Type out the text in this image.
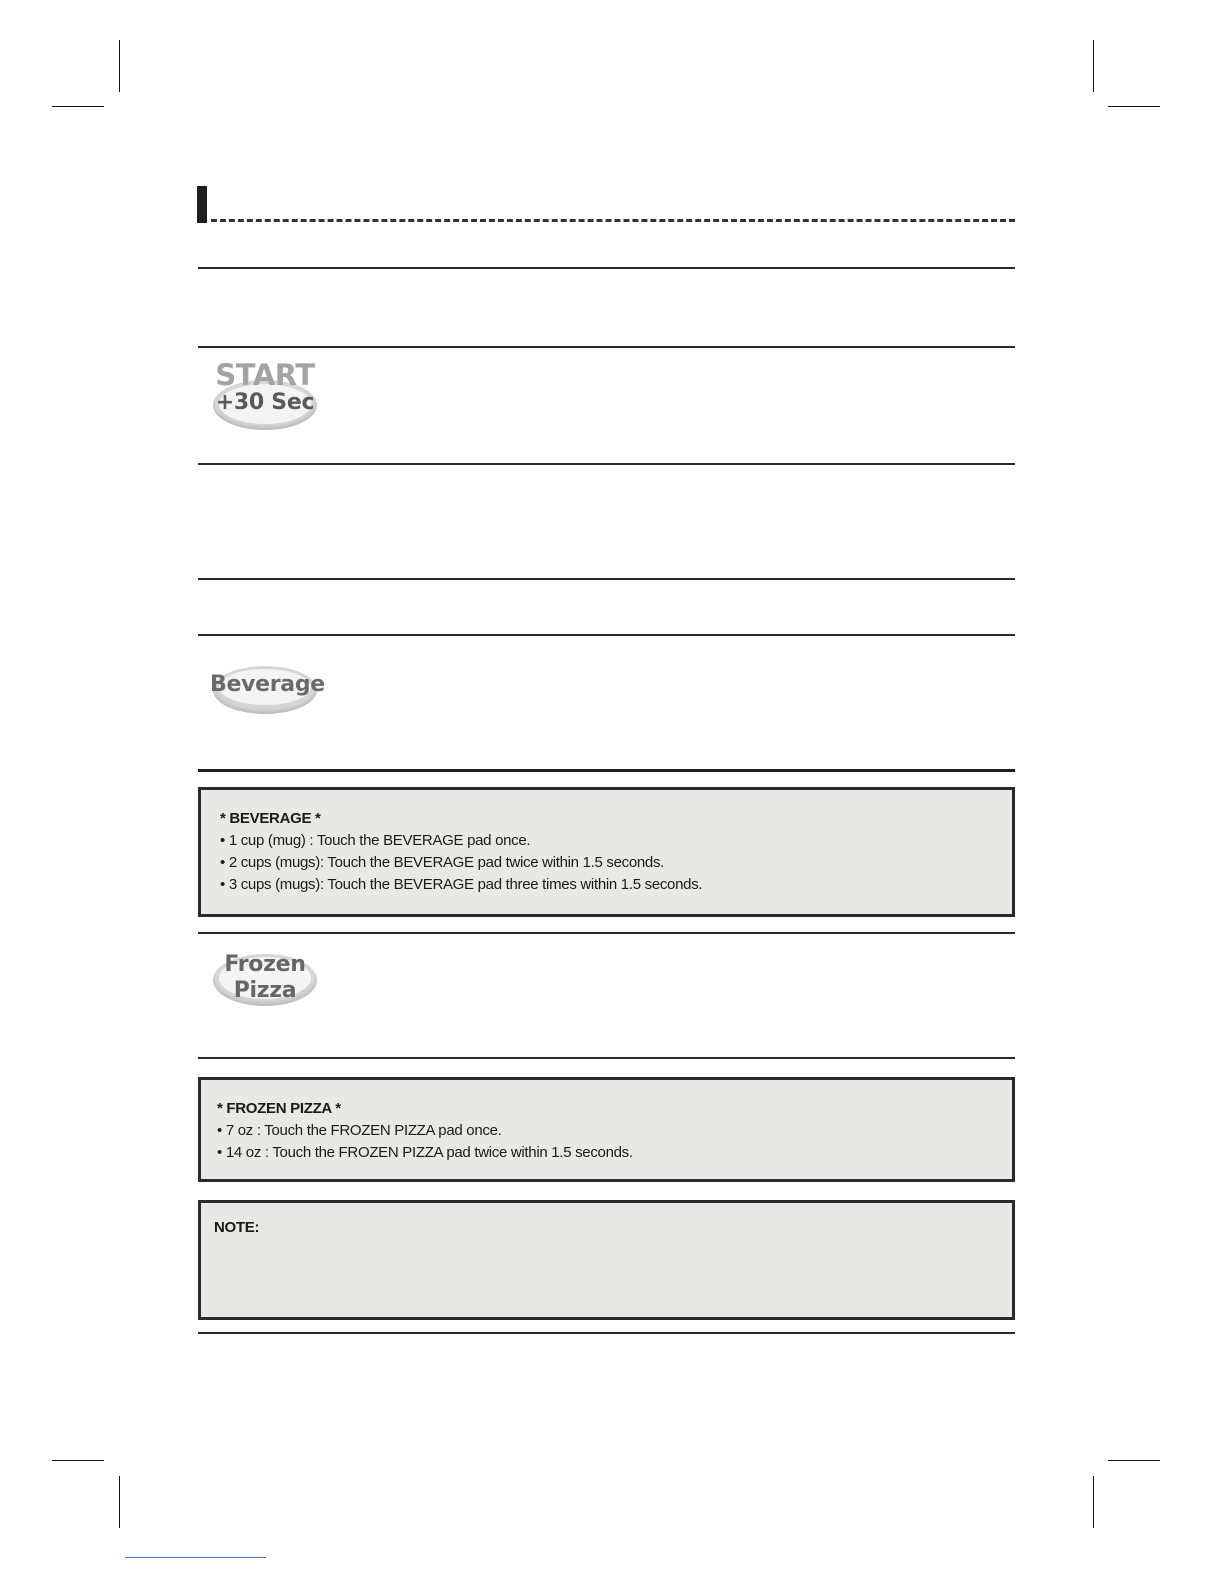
START
+30 Sec
Beverage
Frozen
Pizza
* BEVERAGE *
• 1 cup (mug) : Touch the BEVERAGE pad once.
• 2 cups (mugs): Touch the BEVERAGE pad twice within 1.5 seconds.
• 3 cups (mugs): Touch the BEVERAGE pad three times within 1.5 seconds.
* FROZEN PIZZA *
• 7 oz : Touch the FROZEN PIZZA pad once.
• 14 oz : Touch the FROZEN PIZZA pad twice within 1.5 seconds.
NOTE:
